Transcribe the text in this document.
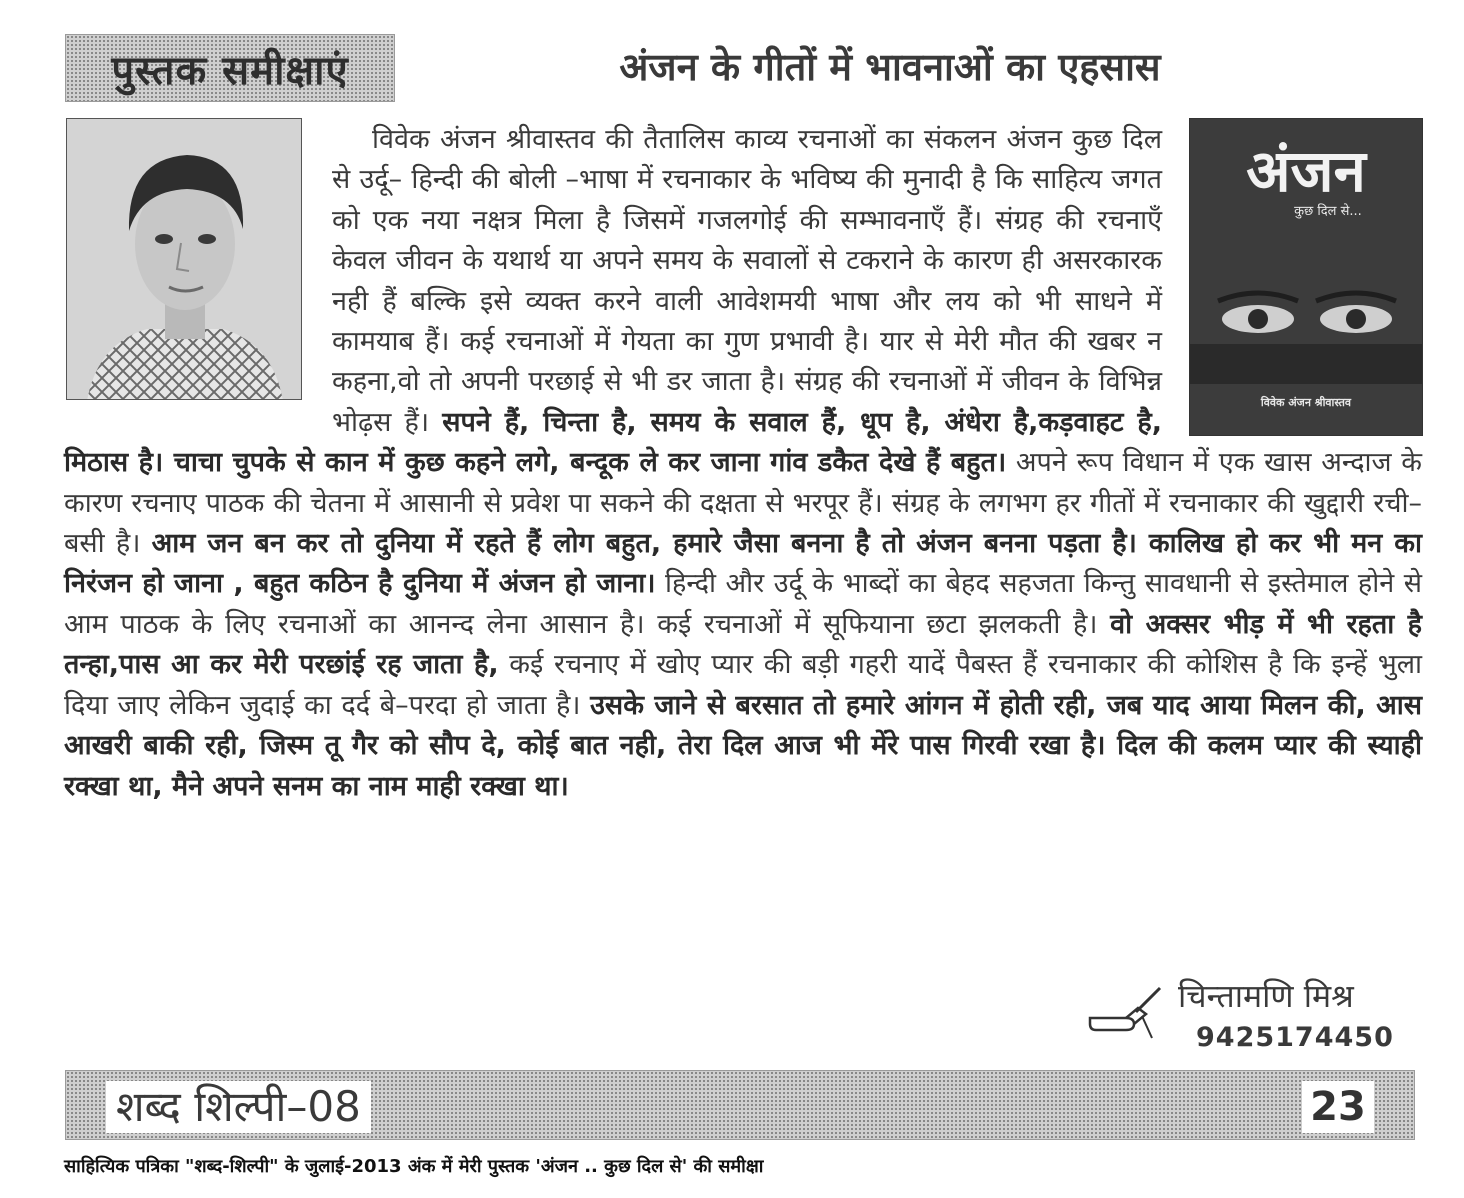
पुस्तक समीक्षाएं	अंजन के गीतों में भावनाओं का एहसास
अंजन
कुछ दिल से...
विवेक अंजन श्रीवास्तव
विवेक अंजन श्रीवास्तव की तैतालिस काव्य रचनाओं का संकलन अंजन कुछ दिल से उर्दू– हिन्दी की बोली –भाषा में रचनाकार के भविष्य की मुनादी है कि साहित्य जगत को एक नया नक्षत्र मिला है जिसमें गजलगोई की सम्भावनाएँ हैं। संग्रह की रचनाएँ केवल जीवन के यथार्थ या अपने समय के सवालों से टकराने के कारण ही असरकारक नही हैं बल्कि इसे व्यक्त करने वाली आवेशमयी भाषा और लय को भी साधने में कामयाब हैं। कई रचनाओं में गेयता का गुण प्रभावी है। यार से मेरी मौत की खबर न कहना,वो तो अपनी परछाई से भी डर जाता है। संग्रह की रचनाओं में जीवन के विभिन्न भोढ़स हैं। सपने हैं, चिन्ता है, समय के सवाल हैं, धूप है, अंधेरा है,कड़वाहट है, मिठास है। चाचा चुपके से कान में कुछ कहने लगे, बन्दूक ले कर जाना गांव डकैत देखे हैं बहुत। अपने रूप विधान में एक खास अन्दाज के कारण रचनाए पाठक की चेतना में आसानी से प्रवेश पा सकने की दक्षता से भरपूर हैं। संग्रह के लगभग हर गीतों में रचनाकार की खुद्दारी रची–बसी है। आम जन बन कर तो दुनिया में रहते हैं लोग बहुत, हमारे जैसा बनना है तो अंजन बनना पड़ता है। कालिख हो कर भी मन का निरंजन हो जाना , बहुत कठिन है दुनिया में अंजन हो जाना। हिन्दी और उर्दू के भाब्दों का बेहद सहजता किन्तु सावधानी से इस्तेमाल होने से आम पाठक के लिए रचनाओं का आनन्द लेना आसान है। कई रचनाओं में सूफियाना छटा झलकती है। वो अक्सर भीड़ में भी रहता है तन्हा,पास आ कर मेरी परछांई रह जाता है, कई रचनाए में खोए प्यार की बड़ी गहरी यादें पैबस्त हैं रचनाकार की कोशिस है कि इन्हें भुला दिया जाए लेकिन जुदाई का दर्द बे–परदा हो जाता है। उसके जाने से बरसात तो हमारे आंगन में होती रही, जब याद आया मिलन की, आस आखरी बाकी रही, जिस्म तू गैर को सौप दे, कोई बात नही, तेरा दिल आज भी मेंरे पास गिरवी रखा है। दिल की कलम प्यार की स्याही रक्खा था, मैने अपने सनम का नाम माही रक्खा था।
चिन्तामणि मिश्र
9425174450
शब्द शिल्पी–08	23
साहित्यिक पत्रिका "शब्द-शिल्पी" के जुलाई-2013 अंक में मेरी पुस्तक 'अंजन .. कुछ दिल से' की समीक्षा
